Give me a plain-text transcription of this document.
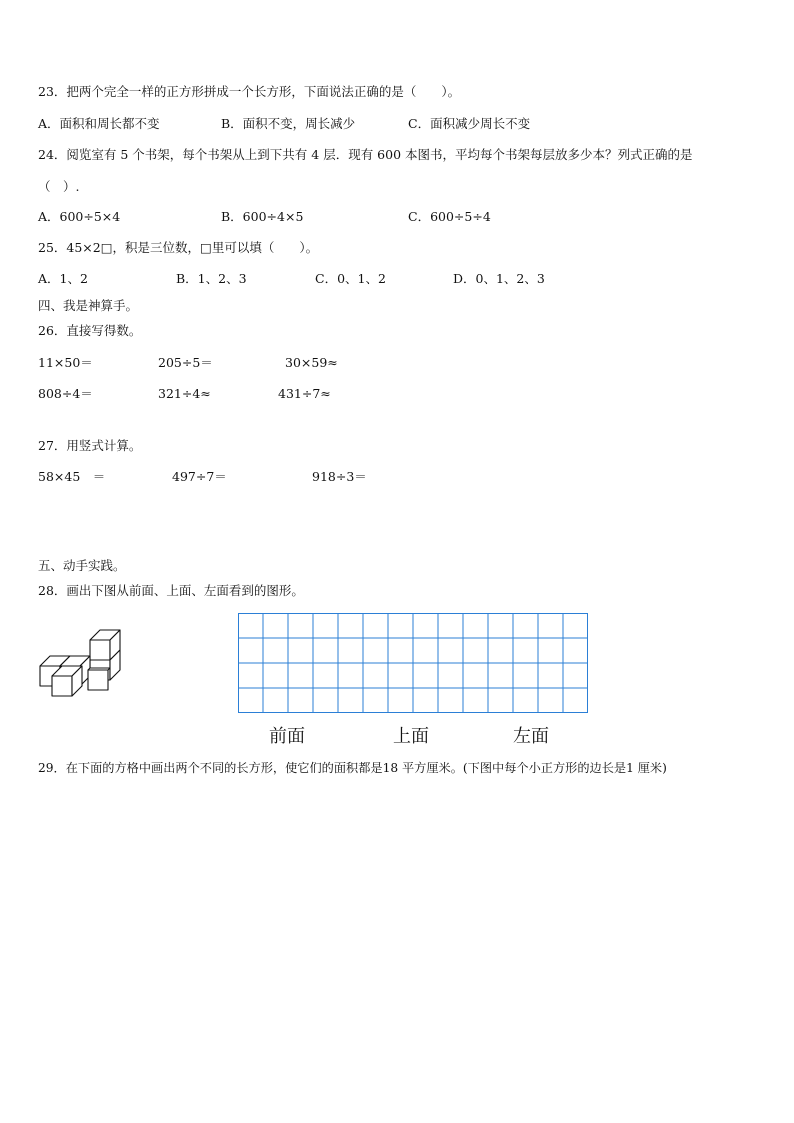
23．把两个完全一样的正方形拼成一个长方形，下面说法正确的是（　　）。
A．面积和周长都不变	B．面积不变，周长减少	C．面积减少周长不变
24．阅览室有 5 个书架，每个书架从上到下共有 4 层．现有 600 本图书，平均每个书架每层放多少本？列式正确的是
（　）.
A．600÷5×4	B．600÷4×5	C．600÷5÷4
25．45×2□，积是三位数，□里可以填（　　）。
A．1、2	B．1、2、3	C．0、1、2	D．0、1、2、3
四、我是神算手。
26．直接写得数。
11×50＝	205÷5＝	30×59≈
808÷4＝	321÷4≈	431÷7≈
27．用竖式计算。
58×45　＝	497÷7＝	918÷3＝
五、动手实践。
28．画出下图从前面、上面、左面看到的图形。
前面	上面	左面
29．在下面的方格中画出两个不同的长方形，使它们的面积都是18 平方厘米。(下图中每个小正方形的边长是1 厘米)
